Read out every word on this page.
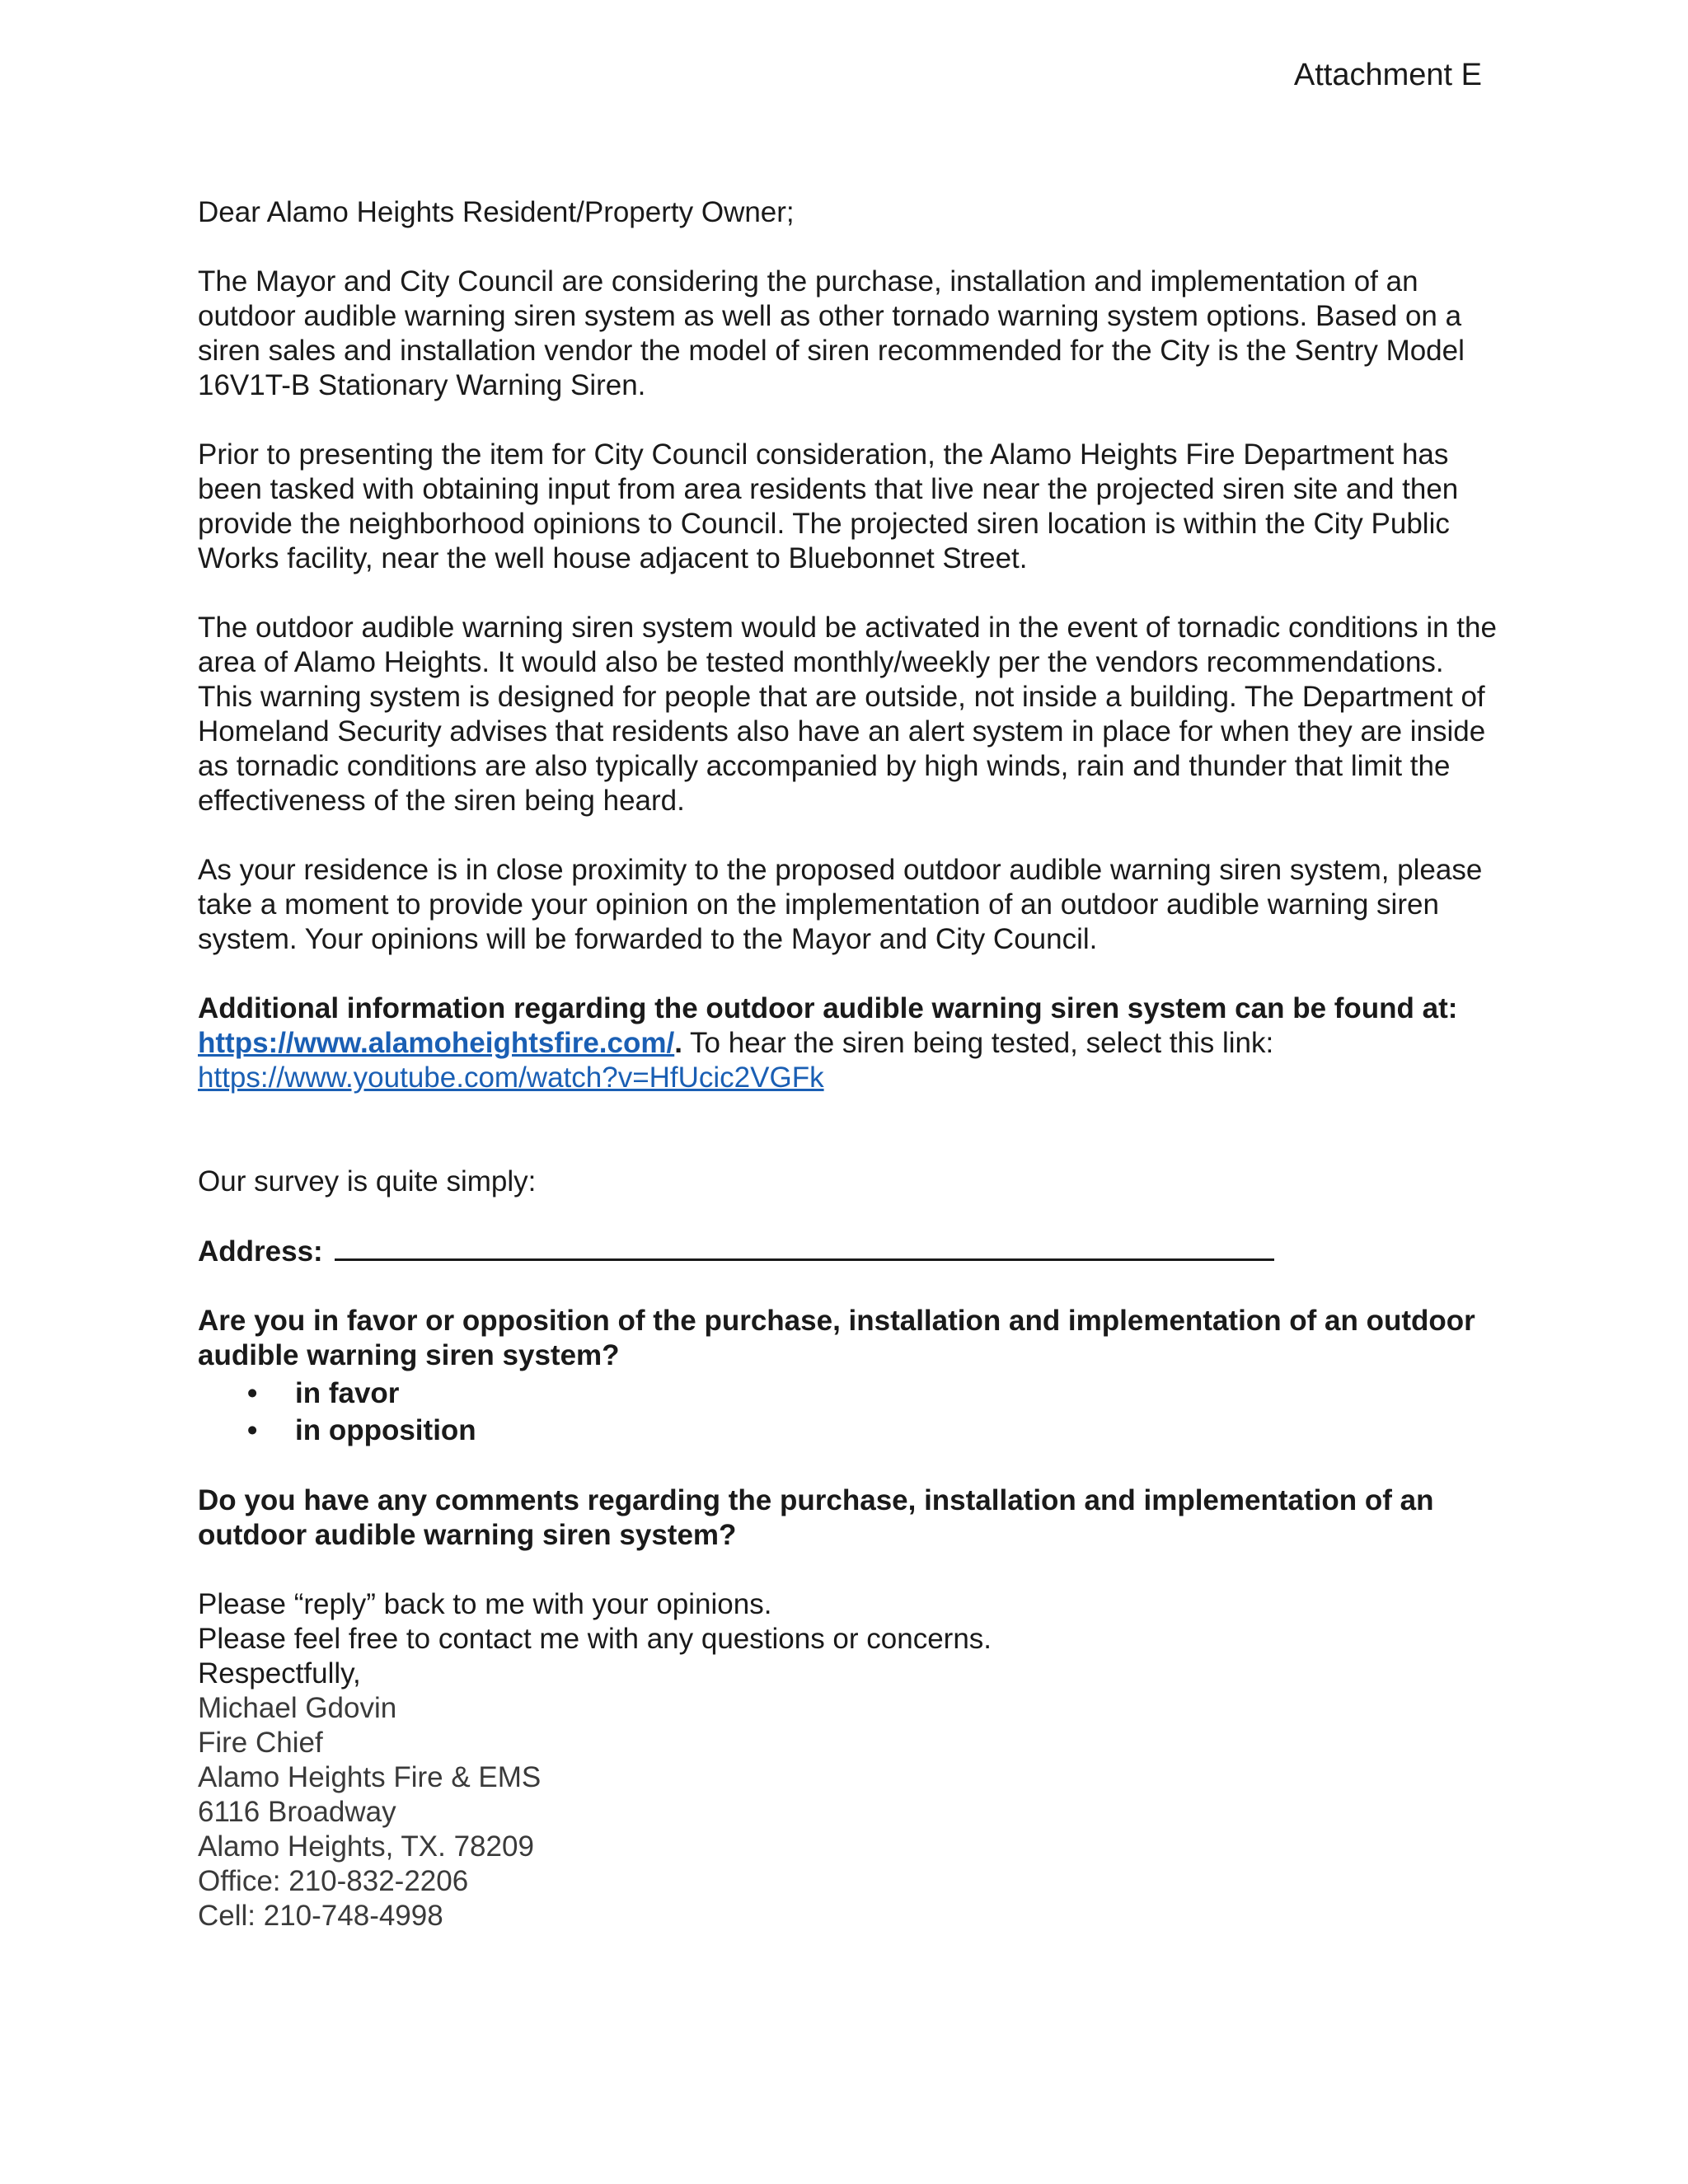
Attachment E

Dear Alamo Heights Resident/Property Owner;

The Mayor and City Council are considering the purchase, installation and implementation of an outdoor audible warning siren system as well as other tornado warning system options. Based on a siren sales and installation vendor the model of siren recommended for the City is the Sentry Model 16V1T-B Stationary Warning Siren.

Prior to presenting the item for City Council consideration, the Alamo Heights Fire Department has been tasked with obtaining input from area residents that live near the projected siren site and then provide the neighborhood opinions to Council. The projected siren location is within the City Public Works facility, near the well house adjacent to Bluebonnet Street.

The outdoor audible warning siren system would be activated in the event of tornadic conditions in the area of Alamo Heights. It would also be tested monthly/weekly per the vendors recommendations. This warning system is designed for people that are outside, not inside a building. The Department of Homeland Security advises that residents also have an alert system in place for when they are inside as tornadic conditions are also typically accompanied by high winds, rain and thunder that limit the effectiveness of the siren being heard.

As your residence is in close proximity to the proposed outdoor audible warning siren system, please take a moment to provide your opinion on the implementation of an outdoor audible warning siren system. Your opinions will be forwarded to the Mayor and City Council.

Additional information regarding the outdoor audible warning siren system can be found at: https://www.alamoheightsfire.com/. To hear the siren being tested, select this link: https://www.youtube.com/watch?v=HfUcic2VGFk

Our survey is quite simply:

Address:

Are you in favor or opposition of the purchase, installation and implementation of an outdoor audible warning siren system?

• in favor
• in opposition

Do you have any comments regarding the purchase, installation and implementation of an outdoor audible warning siren system?

Please “reply” back to me with your opinions.

Please feel free to contact me with any questions or concerns.

Respectfully,

Michael Gdovin

Fire Chief

Alamo Heights Fire & EMS

6116 Broadway

Alamo Heights, TX. 78209

Office: 210-832-2206

Cell: 210-748-4998
